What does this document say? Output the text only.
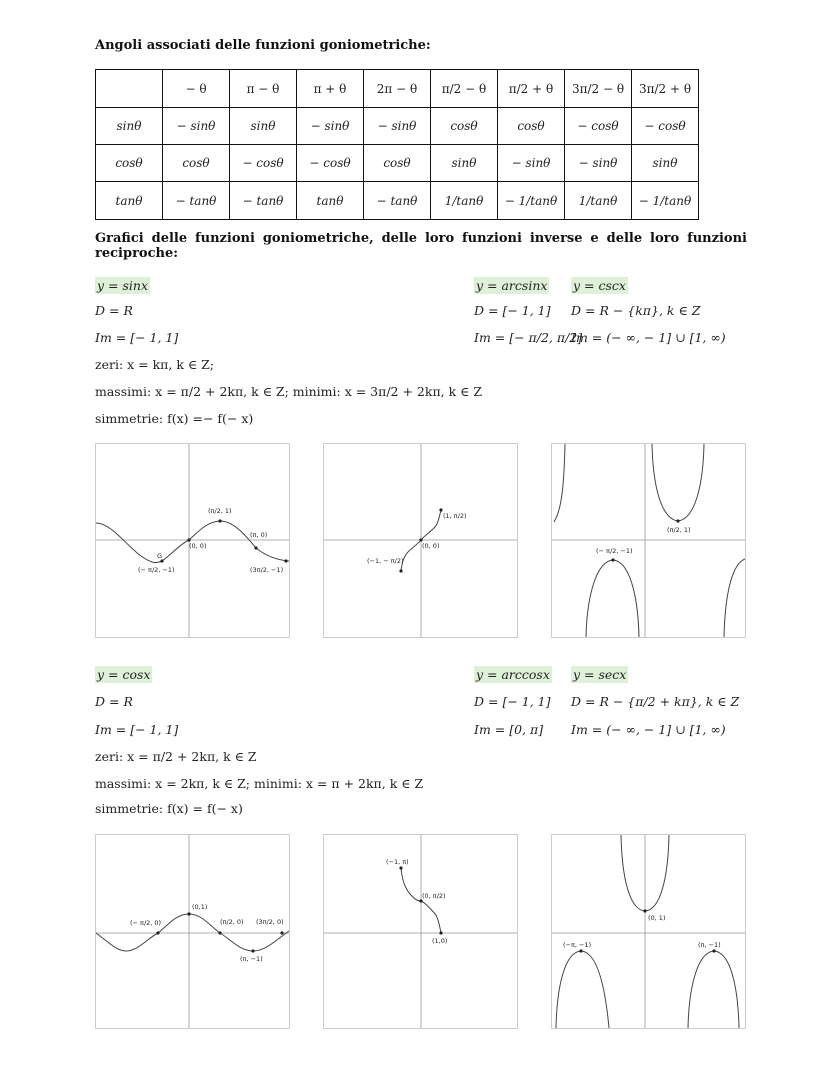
Angoli associati delle funzioni goniometriche:
	− θ	π − θ	π + θ	2π − θ	π/2 − θ	π/2 + θ	3π/2 − θ	3π/2 + θ
sinθ	− sinθ	sinθ	− sinθ	− sinθ	cosθ	cosθ	− cosθ	− cosθ
cosθ	cosθ	− cosθ	− cosθ	cosθ	sinθ	− sinθ	− sinθ	sinθ
tanθ	− tanθ	− tanθ	tanθ	− tanθ	1/tanθ	− 1/tanθ	1/tanθ	− 1/tanθ
Grafici delle funzioni goniometriche, delle loro funzioni inverse e delle loro funzioni
reciproche:
y = sinx
D = R
Im = [− 1, 1]
zeri: x = kπ, k ∈ Z;
massimi: x = π/2 + 2kπ, k ∈ Z; minimi: x = 3π/2 + 2kπ, k ∈ Z
simmetrie: f(x) =− f(− x)
y = arcsinx
D = [− 1, 1]
Im = [− π/2, π/2]
y = cscx
D = R − {kπ}, k ∈ Z
Im = (− ∞, − 1] ∪ [1, ∞)
(π/2, 1)
(π, 0)
(0, 0)
G
(− π/2, −1)	(3π/2, −1)
(1, π/2)
(0, 0)
(−1, − π/2)
(π/2, 1)
(− π/2, −1)
y = cosx
D = R
Im = [− 1, 1]
zeri: x = π/2 + 2kπ, k ∈ Z
massimi: x = 2kπ, k ∈ Z; minimi: x = π + 2kπ, k ∈ Z
simmetrie: f(x) = f(− x)
y = arccosx
D = [− 1, 1]
Im = [0, π]
y = secx
D = R − {π/2 + kπ}, k ∈ Z
Im = (− ∞, − 1] ∪ [1, ∞)
(0,1)
(− π/2, 0)	(π/2, 0) (3π/2, 0)
(π, −1)
(−1, π)
(0, π/2)
(1,0)
(0, 1)
(−π, −1)	(π, −1)
